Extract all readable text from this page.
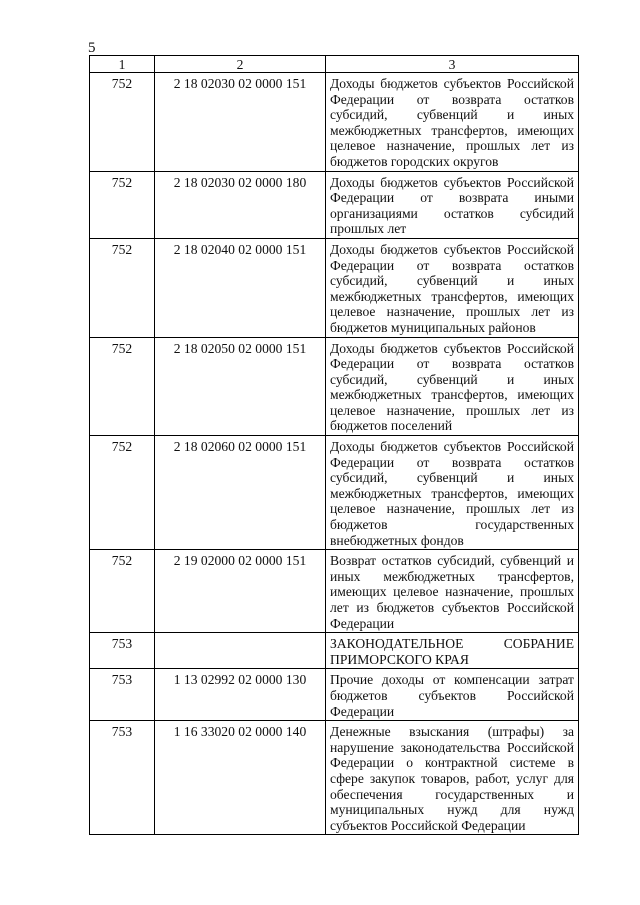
5
1	2	3
752	2 18 02030 02 0000 151	Доходы бюджетов субъектов Российской Федерации от возврата остатков субсидий, субвенций и иных межбюджетных трансфертов, имеющих целевое назначение, прошлых лет из бюджетов городских округов

752	2 18 02030 02 0000 180	Доходы бюджетов субъектов Российской Федерации от возврата иными организациями остатков субсидий прошлых лет

752	2 18 02040 02 0000 151	Доходы бюджетов субъектов Российской Федерации от возврата остатков субсидий, субвенций и иных межбюджетных трансфертов, имеющих целевое назначение, прошлых лет из бюджетов муниципальных районов

752	2 18 02050 02 0000 151	Доходы бюджетов субъектов Российской Федерации от возврата остатков субсидий, субвенций и иных межбюджетных трансфертов, имеющих целевое назначение, прошлых лет из бюджетов поселений

752	2 18 02060 02 0000 151	Доходы бюджетов субъектов Российской Федерации от возврата остатков субсидий, субвенций и иных межбюджетных трансфертов, имеющих целевое назначение, прошлых лет из бюджетов государственных внебюджетных фондов

752	2 19 02000 02 0000 151	Возврат остатков субсидий, субвенций и иных межбюджетных трансфертов, имеющих целевое назначение, прошлых лет из бюджетов субъектов Российской Федерации

753		ЗАКОНОДАТЕЛЬНОЕ СОБРАНИЕ ПРИМОРСКОГО КРАЯ

753	1 13 02992 02 0000 130	Прочие доходы от компенсации затрат бюджетов субъектов Российской Федерации

753	1 16 33020 02 0000 140	Денежные взыскания (штрафы) за нарушение законодательства Российской Федерации о контрактной системе в сфере закупок товаров, работ, услуг для обеспечения государственных и муниципальных нужд для нужд субъектов Российской Федерации
